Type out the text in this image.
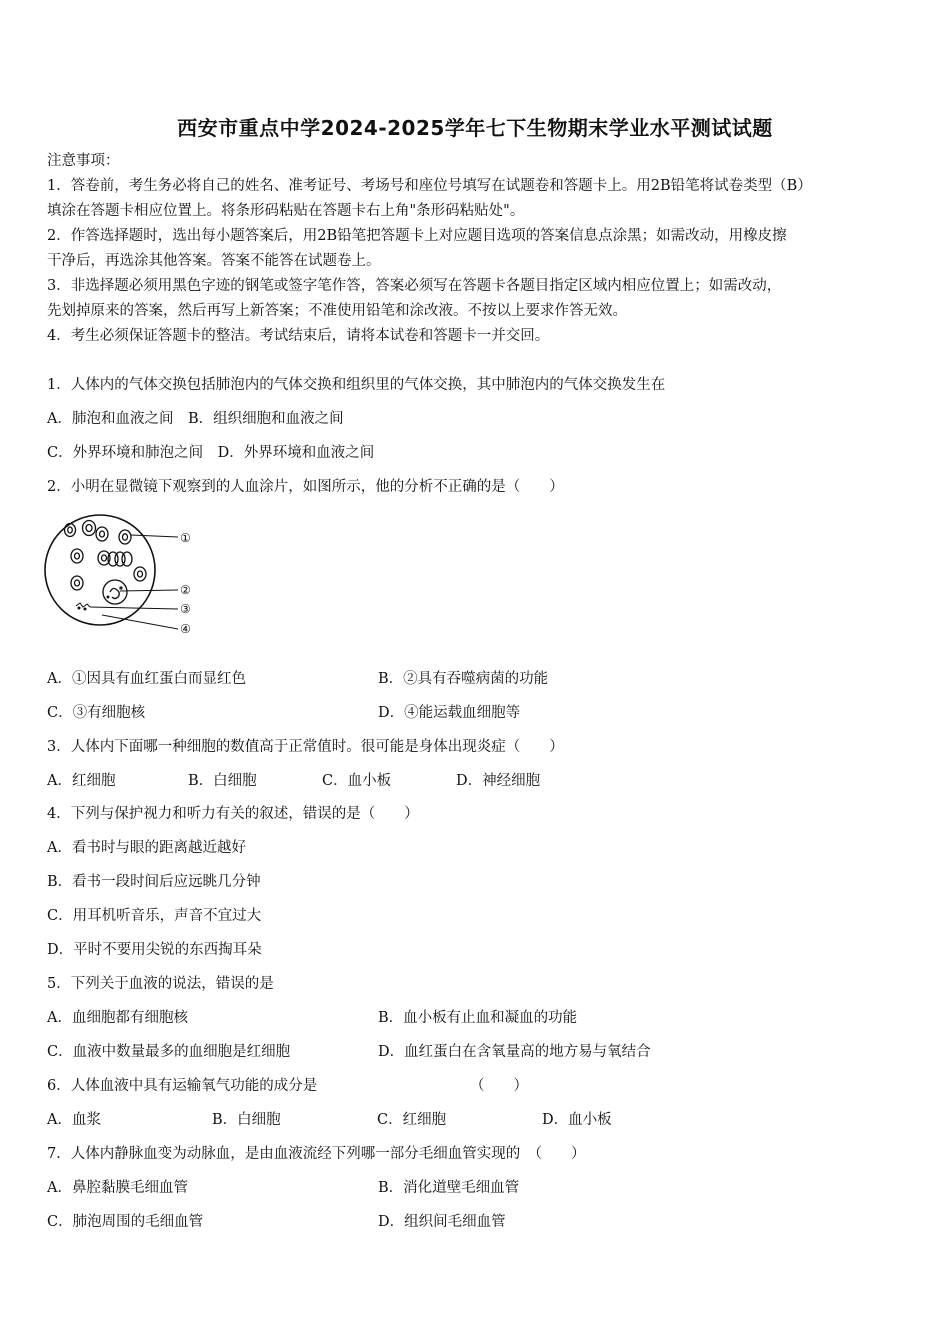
西安市重点中学2024-2025学年七下生物期末学业水平测试试题
注意事项：
1．答卷前，考生务必将自己的姓名、准考证号、考场号和座位号填写在试题卷和答题卡上。用2B铅笔将试卷类型（B）
填涂在答题卡相应位置上。将条形码粘贴在答题卡右上角"条形码粘贴处"。
2．作答选择题时，选出每小题答案后，用2B铅笔把答题卡上对应题目选项的答案信息点涂黑；如需改动，用橡皮擦
干净后，再选涂其他答案。答案不能答在试题卷上。
3．非选择题必须用黑色字迹的钢笔或签字笔作答，答案必须写在答题卡各题目指定区域内相应位置上；如需改动，
先划掉原来的答案，然后再写上新答案；不准使用铅笔和涂改液。不按以上要求作答无效。
4．考生必须保证答题卡的整洁。考试结束后，请将本试卷和答题卡一并交回。
1．人体内的气体交换包括肺泡内的气体交换和组织里的气体交换，其中肺泡内的气体交换发生在
A．肺泡和血液之间　B．组织细胞和血液之间
C．外界环境和肺泡之间　D．外界环境和血液之间
2．小明在显微镜下观察到的人血涂片，如图所示，他的分析不正确的是（　　）
①
②
③
④
A．①因具有血红蛋白而显红色	B．②具有吞噬病菌的功能
C．③有细胞核	D．④能运载血细胞等
3．人体内下面哪一种细胞的数值高于正常值时。很可能是身体出现炎症（　　）
A．红细胞	B．白细胞	C．血小板	D．神经细胞
4．下列与保护视力和听力有关的叙述，错误的是（　　）
A．看书时与眼的距离越近越好
B．看书一段时间后应远眺几分钟
C．用耳机听音乐，声音不宜过大
D．平时不要用尖锐的东西掏耳朵
5．下列关于血液的说法，错误的是
A．血细胞都有细胞核	B．血小板有止血和凝血的功能
C．血液中数量最多的血细胞是红细胞	D．血红蛋白在含氧量高的地方易与氧结合
6．人体血液中具有运输氧气功能的成分是	（　　）
A．血浆	B．白细胞	C．红细胞	D．血小板
7．人体内静脉血变为动脉血，是由血液流经下列哪一部分毛细血管实现的　（　　）
A．鼻腔黏膜毛细血管	B．消化道壁毛细血管
C．肺泡周围的毛细血管	D．组织间毛细血管
